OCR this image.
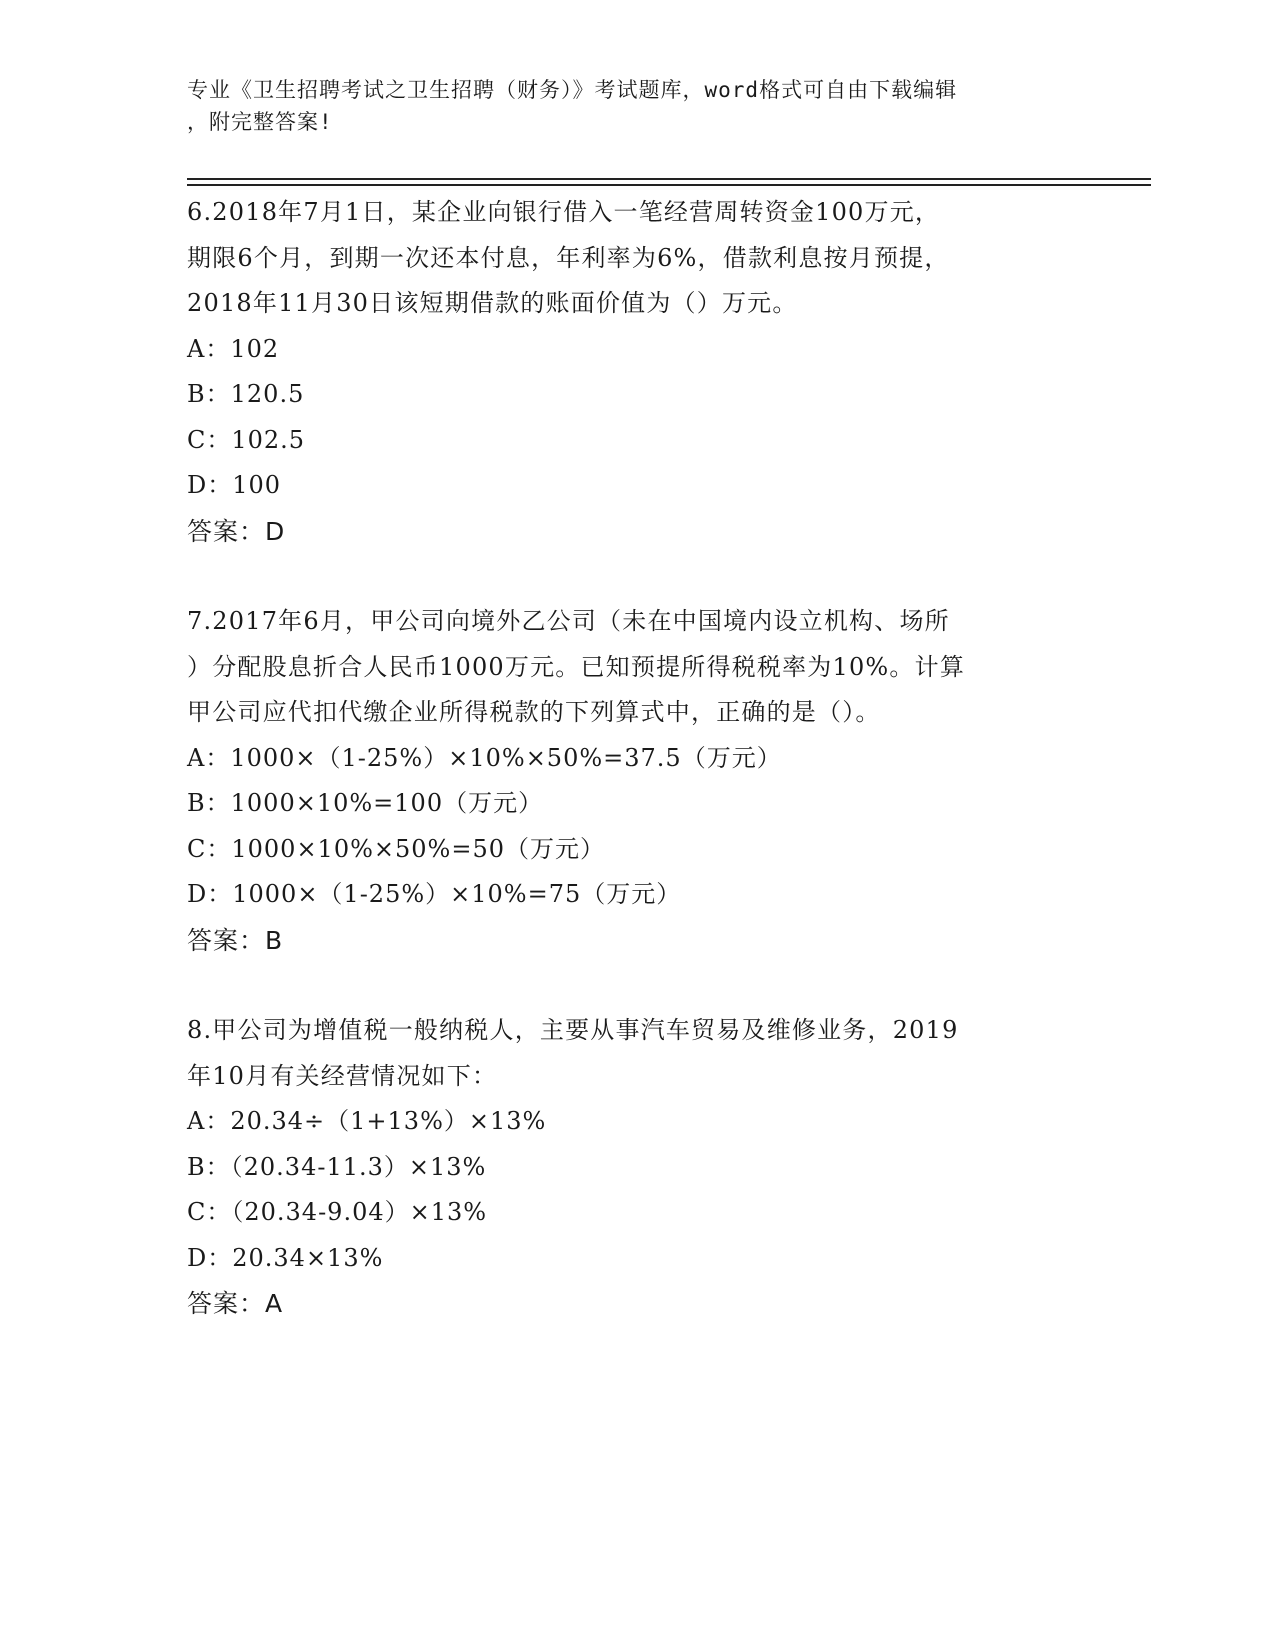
专业《卫生招聘考试之卫生招聘（财务）》考试题库，word格式可自由下载编辑
，附完整答案!
6.2018年7月1日，某企业向银行借入一笔经营周转资金100万元，
期限6个月，到期一次还本付息，年利率为6%，借款利息按月预提，
2018年11月30日该短期借款的账面价值为（）万元。
A：102
B：120.5
C：102.5
D：100
答案：D
7.2017年6月，甲公司向境外乙公司（未在中国境内设立机构、场所
）分配股息折合人民币1000万元。已知预提所得税税率为10%。计算
甲公司应代扣代缴企业所得税款的下列算式中，正确的是（）。
A：1000×（1-25%）×10%×50%=37.5（万元）
B：1000×10%=100（万元）
C：1000×10%×50%=50（万元）
D：1000×（1-25%）×10%=75（万元）
答案：B
8.甲公司为增值税一般纳税人，主要从事汽车贸易及维修业务，2019
年10月有关经营情况如下：
A：20.34÷（1+13%）×13%
B：（20.34-11.3）×13%
C：（20.34-9.04）×13%
D：20.34×13%
答案：A
